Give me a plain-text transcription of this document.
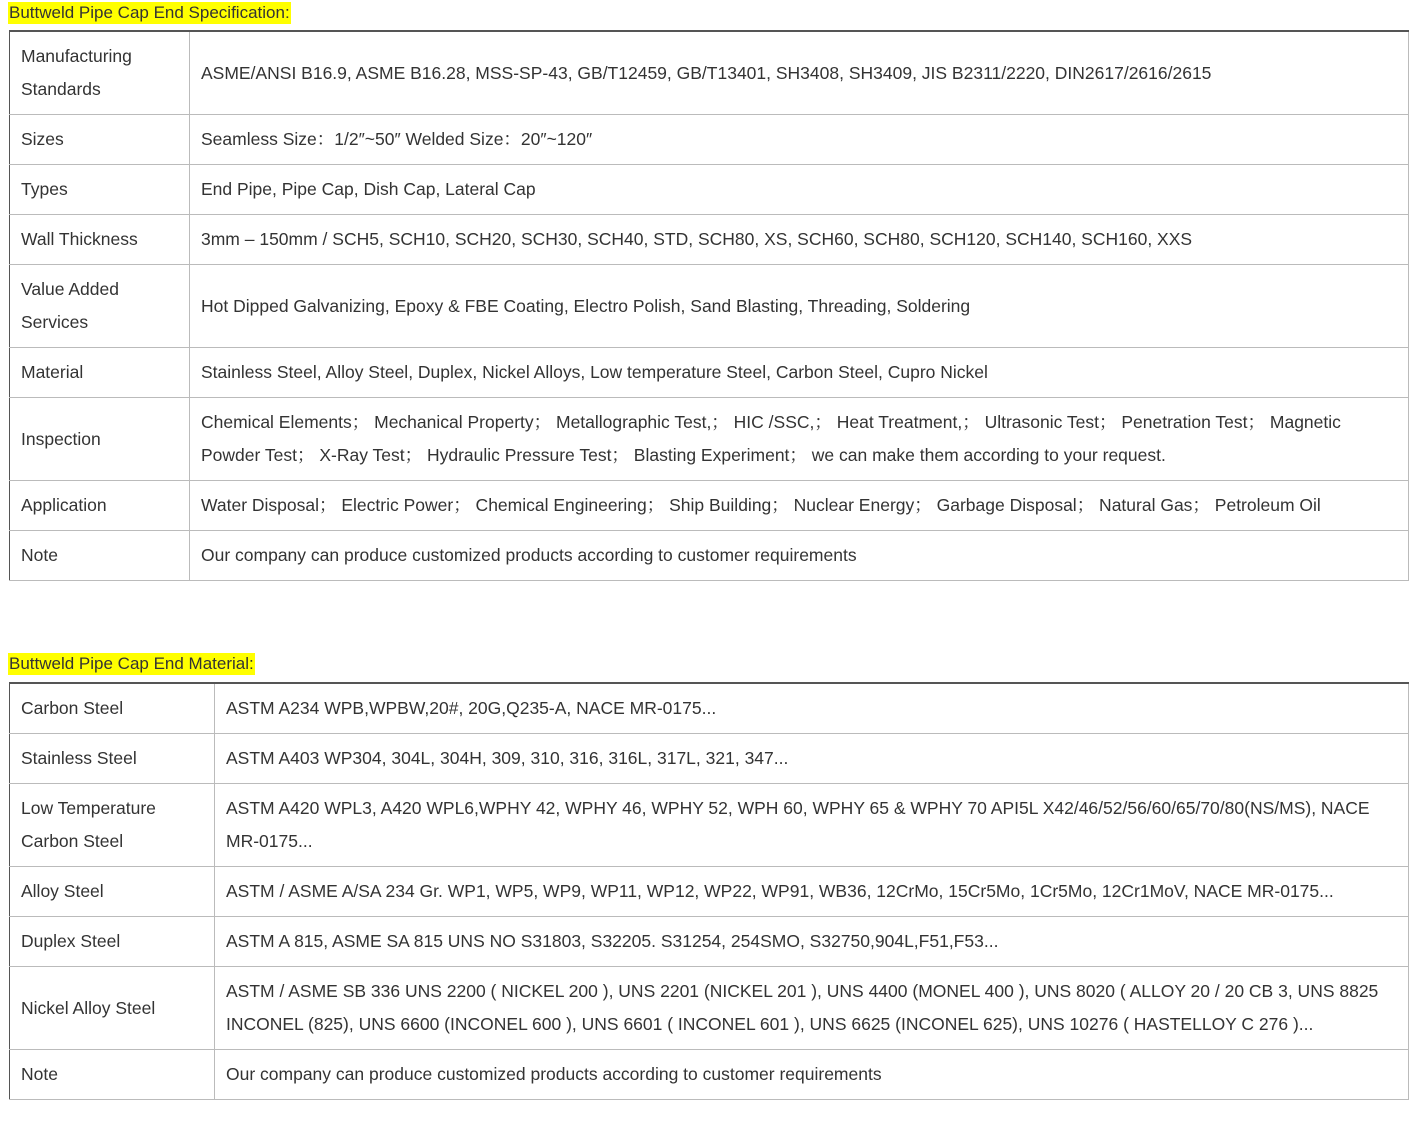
Buttweld Pipe Cap End Specification:
Manufacturing Standards	ASME/ANSI B16.9, ASME B16.28, MSS-SP-43, GB/T12459, GB/T13401, SH3408, SH3409, JIS B2311/2220, DIN2617/2616/2615
Sizes	Seamless Size：1/2″~50″ Welded Size：20″~120″
Types	End Pipe, Pipe Cap, Dish Cap, Lateral Cap
Wall Thickness	3mm – 150mm / SCH5, SCH10, SCH20, SCH30, SCH40, STD, SCH80, XS, SCH60, SCH80, SCH120, SCH140, SCH160, XXS
Value Added Services	Hot Dipped Galvanizing, Epoxy & FBE Coating, Electro Polish, Sand Blasting, Threading, Soldering
Material	Stainless Steel, Alloy Steel, Duplex, Nickel Alloys, Low temperature Steel, Carbon Steel, Cupro Nickel
Inspection	Chemical Elements； Mechanical Property； Metallographic Test,； HIC /SSC,； Heat Treatment,； Ultrasonic Test； Penetration Test； Magnetic Powder Test； X-Ray Test； Hydraulic Pressure Test； Blasting Experiment； we can make them according to your request.
Application	Water Disposal； Electric Power； Chemical Engineering； Ship Building； Nuclear Energy； Garbage Disposal； Natural Gas； Petroleum Oil
Note	Our company can produce customized products according to customer requirements
Buttweld Pipe Cap End Material:
Carbon Steel	ASTM A234 WPB,WPBW,20#, 20G,Q235-A, NACE MR-0175...
Stainless Steel	ASTM A403 WP304, 304L, 304H, 309, 310, 316, 316L, 317L, 321, 347...
Low Temperature Carbon Steel	ASTM A420 WPL3, A420 WPL6,WPHY 42, WPHY 46, WPHY 52, WPH 60, WPHY 65 & WPHY 70 API5L X42/46/52/56/60/65/70/80(NS/MS), NACE MR-0175...
Alloy Steel	ASTM / ASME A/SA 234 Gr. WP1, WP5, WP9, WP11, WP12, WP22, WP91, WB36, 12CrMo, 15Cr5Mo, 1Cr5Mo, 12Cr1MoV, NACE MR-0175...
Duplex Steel	ASTM A 815, ASME SA 815 UNS NO S31803, S32205. S31254, 254SMO, S32750,904L,F51,F53...
Nickel Alloy Steel	ASTM / ASME SB 336 UNS 2200 ( NICKEL 200 ), UNS 2201 (NICKEL 201 ), UNS 4400 (MONEL 400 ), UNS 8020 ( ALLOY 20 / 20 CB 3, UNS 8825 INCONEL (825), UNS 6600 (INCONEL 600 ), UNS 6601 ( INCONEL 601 ), UNS 6625 (INCONEL 625), UNS 10276 ( HASTELLOY C 276 )...
Note	Our company can produce customized products according to customer requirements
